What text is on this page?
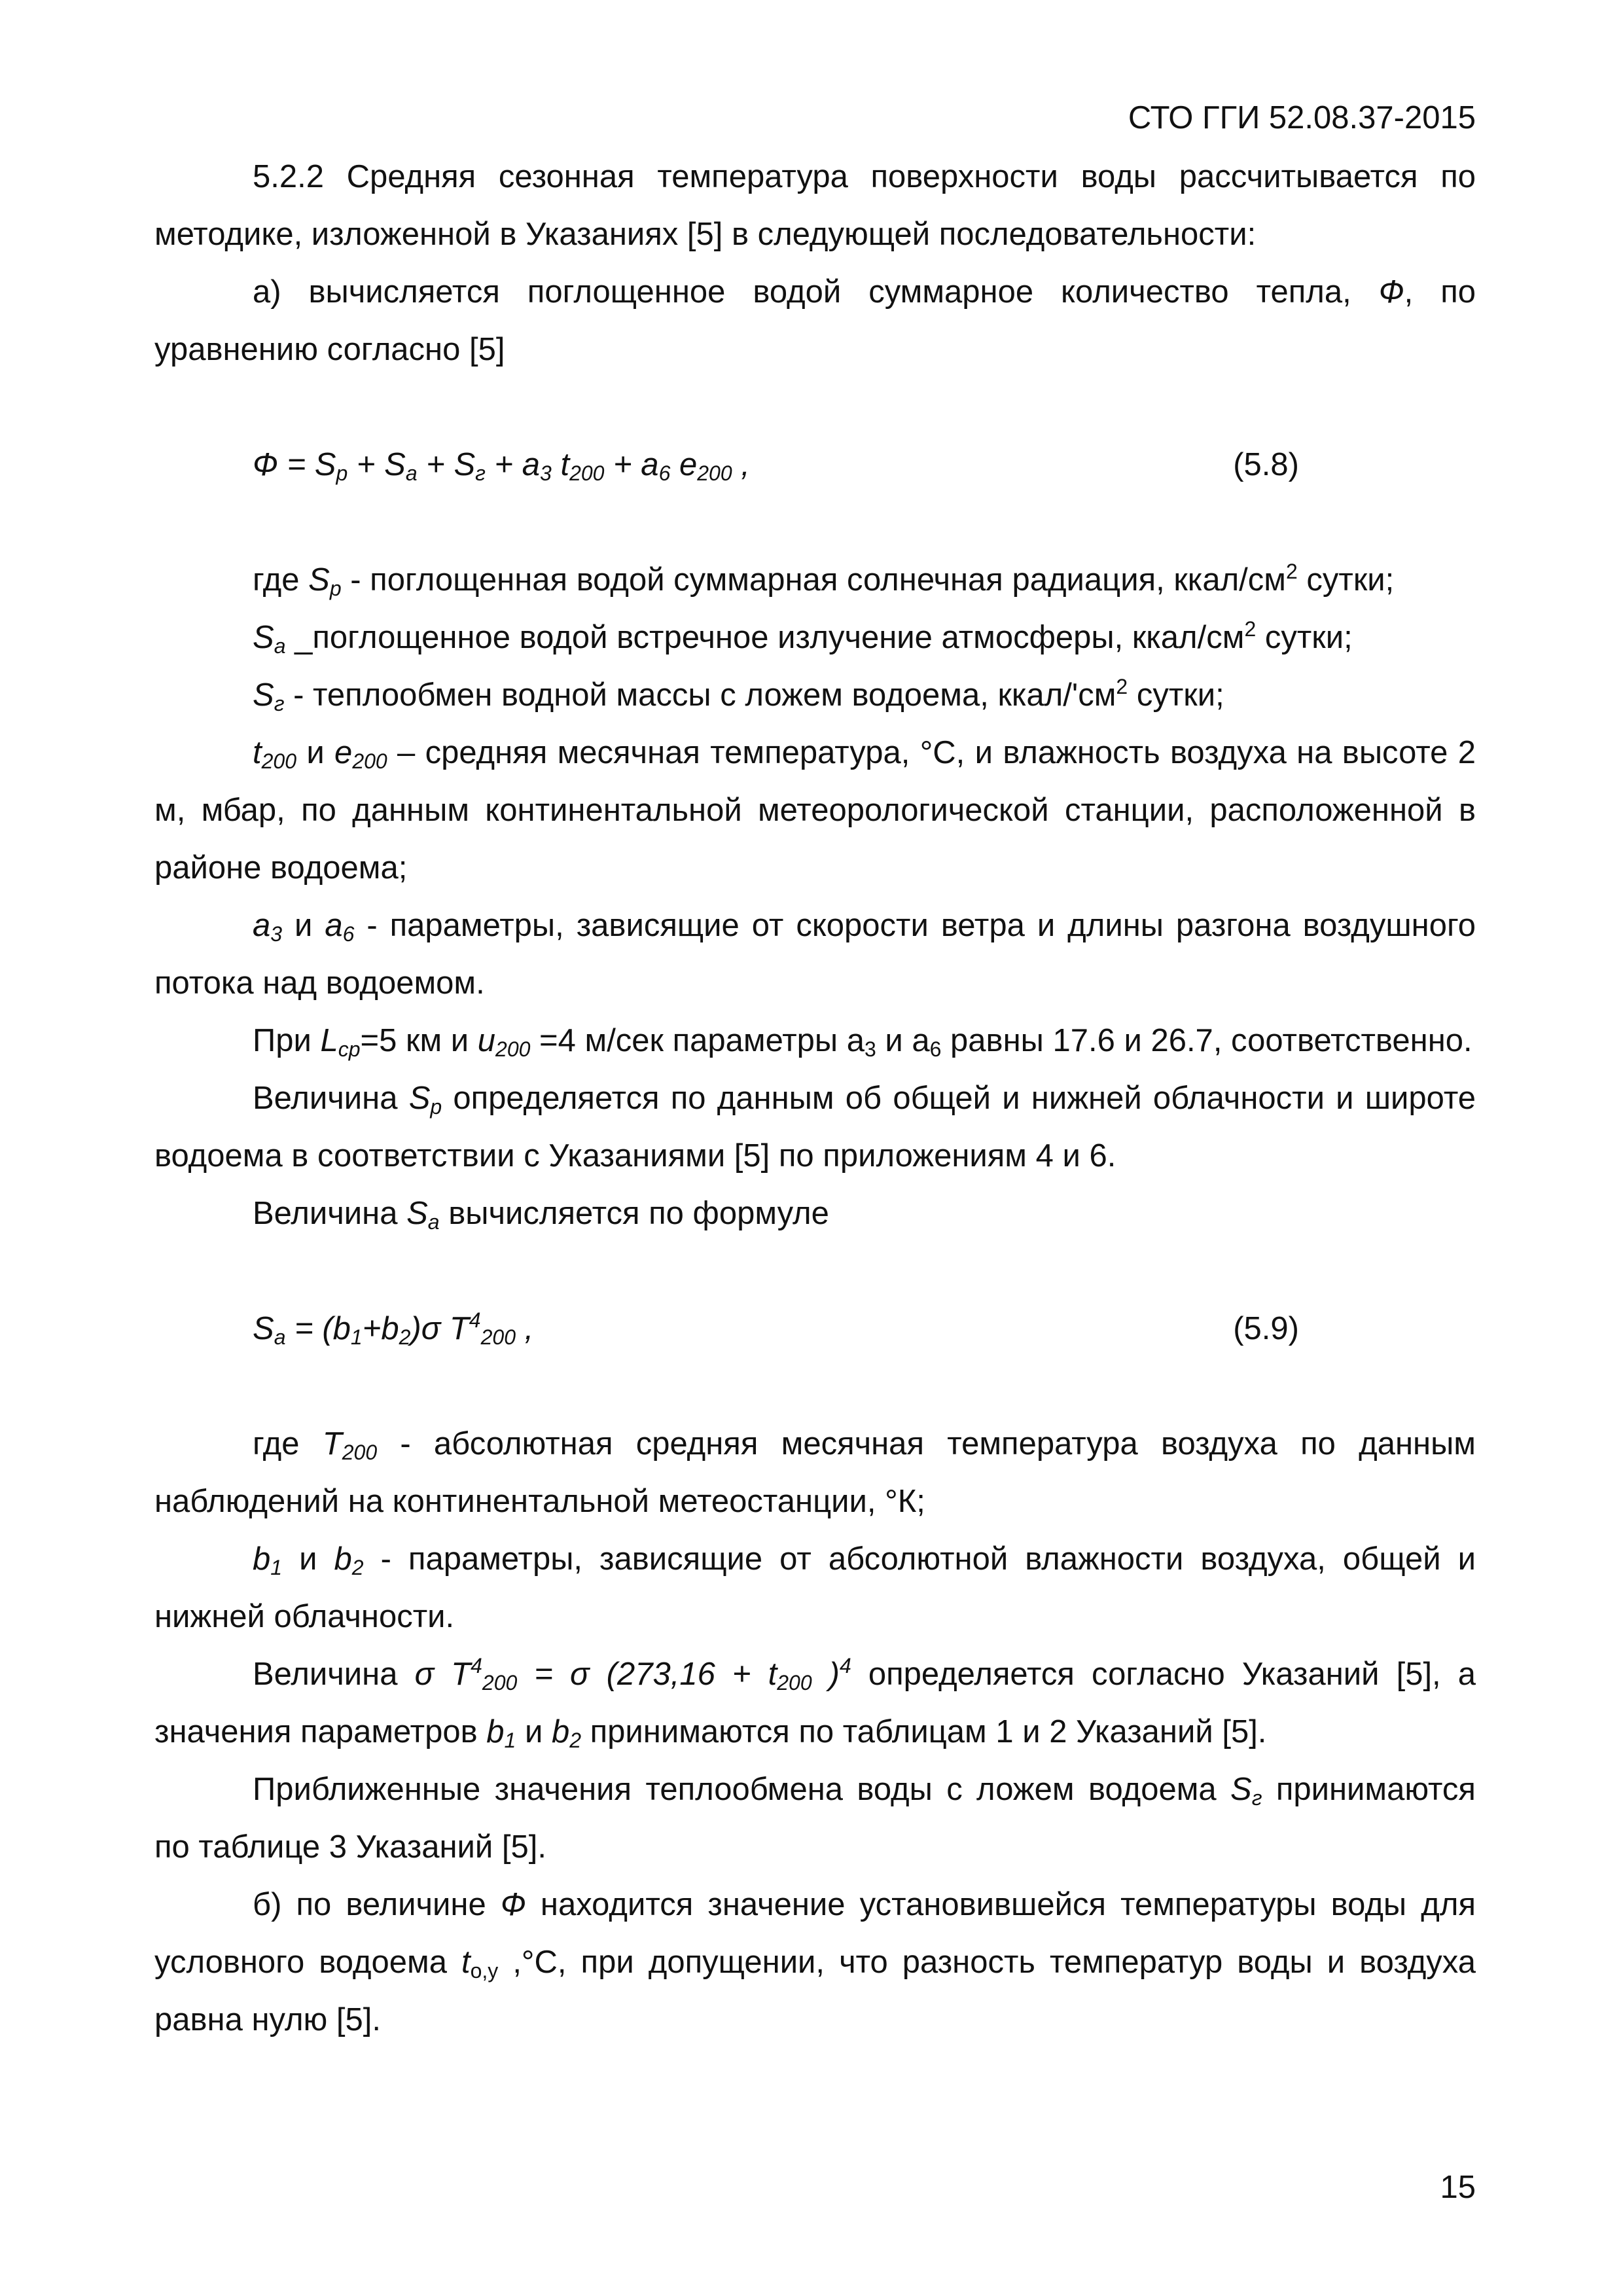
СТО ГГИ 52.08.37-2015

5.2.2 Средняя сезонная температура поверхности воды рассчитывается по методике, изложенной в Указаниях [5] в следующей последовательности:

а) вычисляется поглощенное водой суммарное количество тепла, Ф, по уравнению согласно [5]

$Ф = S_р + S_а + S_г + a_3$ $t_{200} + a_6$ $e_{200}$ ,	(5.8)

где $S_р$ - поглощенная водой суммарная солнечная радиация, ккал/$см^2$ сутки;

$S_а$ _поглощенное водой встречное излучение атмосферы, ккал/$см^2$ сутки;

$S_г$ - теплообмен водной массы с ложем водоема, ккал/'$см^2$ сутки;

$t_{200}$ и $e_{200}$ – средняя месячная температура, °С, и влажность воздуха на высоте 2 м, мбар, по данным континентальной метеорологической станции, расположенной в районе водоема;

$a_3$ и $a_6$ - параметры, зависящие от скорости ветра и длины разгона воздушного потока над водоемом.

При $L_{ср}=5$ км и $u_{200} =4$ м/сек параметры $а_3$ и $а_6$ равны 17.6 и 26.7, соответственно.

Величина $S_р$ определяется по данным об общей и нижней облачности и широте водоема в соответствии с Указаниями [5] по приложениям 4 и 6.

Величина $S_а$ вычисляется по формуле

$S_а = (b_1+b_2)\sigma$ $T^4_{200}$ ,	(5.9)

где $T_{200}$ - абсолютная средняя месячная температура воздуха по данным наблюдений на континентальной метеостанции, °К;

$b_1$ и $b_2$ - параметры, зависящие от абсолютной влажности воздуха, общей и нижней облачности.

Величина σ $T^4_{200} = \sigma$ ($273,16 + t_{200}$ )$^4$ определяется согласно Указаний [5], а значения параметров $b_1$ и $b_2$ принимаются по таблицам 1 и 2 Указаний [5].

Приближенные значения теплообмена воды с ложем водоема $S_г$ принимаются по таблице 3 Указаний [5].

б) по величине Ф находится значение установившейся температуры воды для условного водоема $t_{о,у}$ ,°С, при допущении, что разность температур воды и воздуха равна нулю [5].

15
